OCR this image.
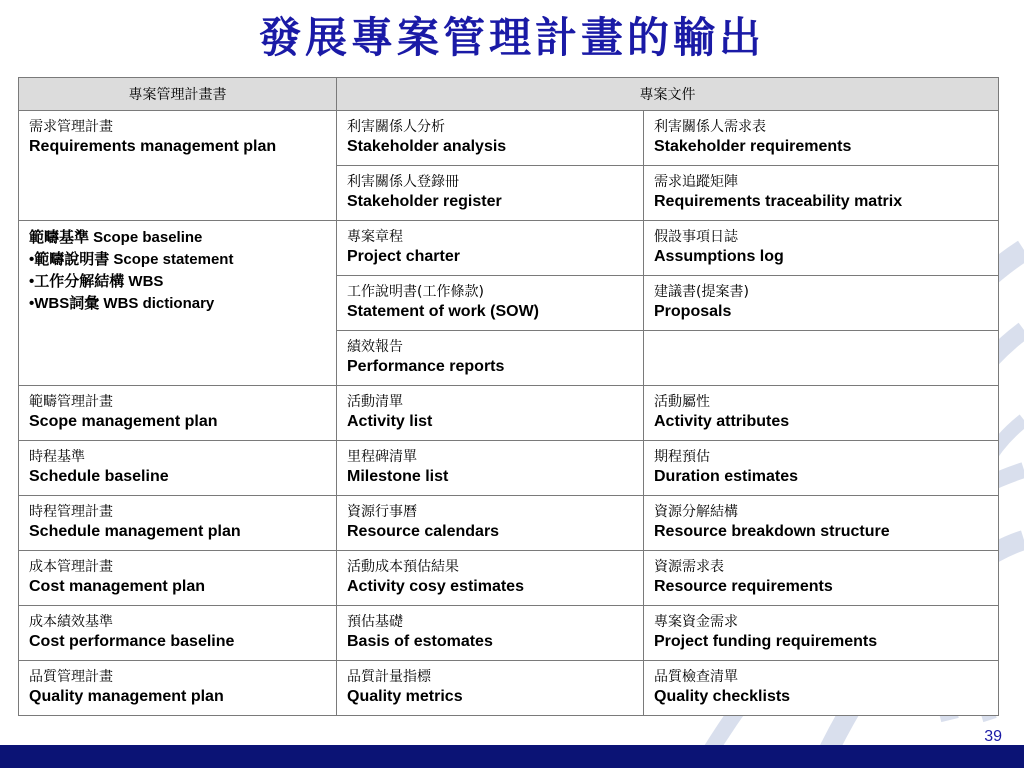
發展專案管理計畫的輸出
專案管理計畫書	專案文件	

需求管理計畫
Requirements management plan	利害關係人分析
Stakeholder analysis	利害關係人需求表
Stakeholder requirements

	利害關係人登錄冊
Stakeholder register	需求追蹤矩陣
Requirements traceability matrix

範疇基準 Scope baseline
•範疇說明書 Scope statement
•工作分解結構 WBS
•WBS詞彙 WBS dictionary	專案章程
Project charter	假設事項日誌
Assumptions log

	工作說明書(工作條款)
Statement of work (SOW)	建議書(提案書)
Proposals

	績效報告
Performance reports	

範疇管理計畫
Scope management plan	活動清單
Activity list	活動屬性
Activity attributes

時程基準
Schedule baseline	里程碑清單
Milestone list	期程預估
Duration estimates

時程管理計畫
Schedule management plan	資源行事曆
Resource calendars	資源分解結構
Resource breakdown structure

成本管理計畫
Cost management plan	活動成本預估結果
Activity cosy estimates	資源需求表
Resource requirements

成本績效基準
Cost performance baseline	預估基礎
Basis of estomates	專案資金需求
Project funding requirements

品質管理計畫
Quality management plan	品質計量指標
Quality metrics	品質檢查清單
Quality checklists
39
